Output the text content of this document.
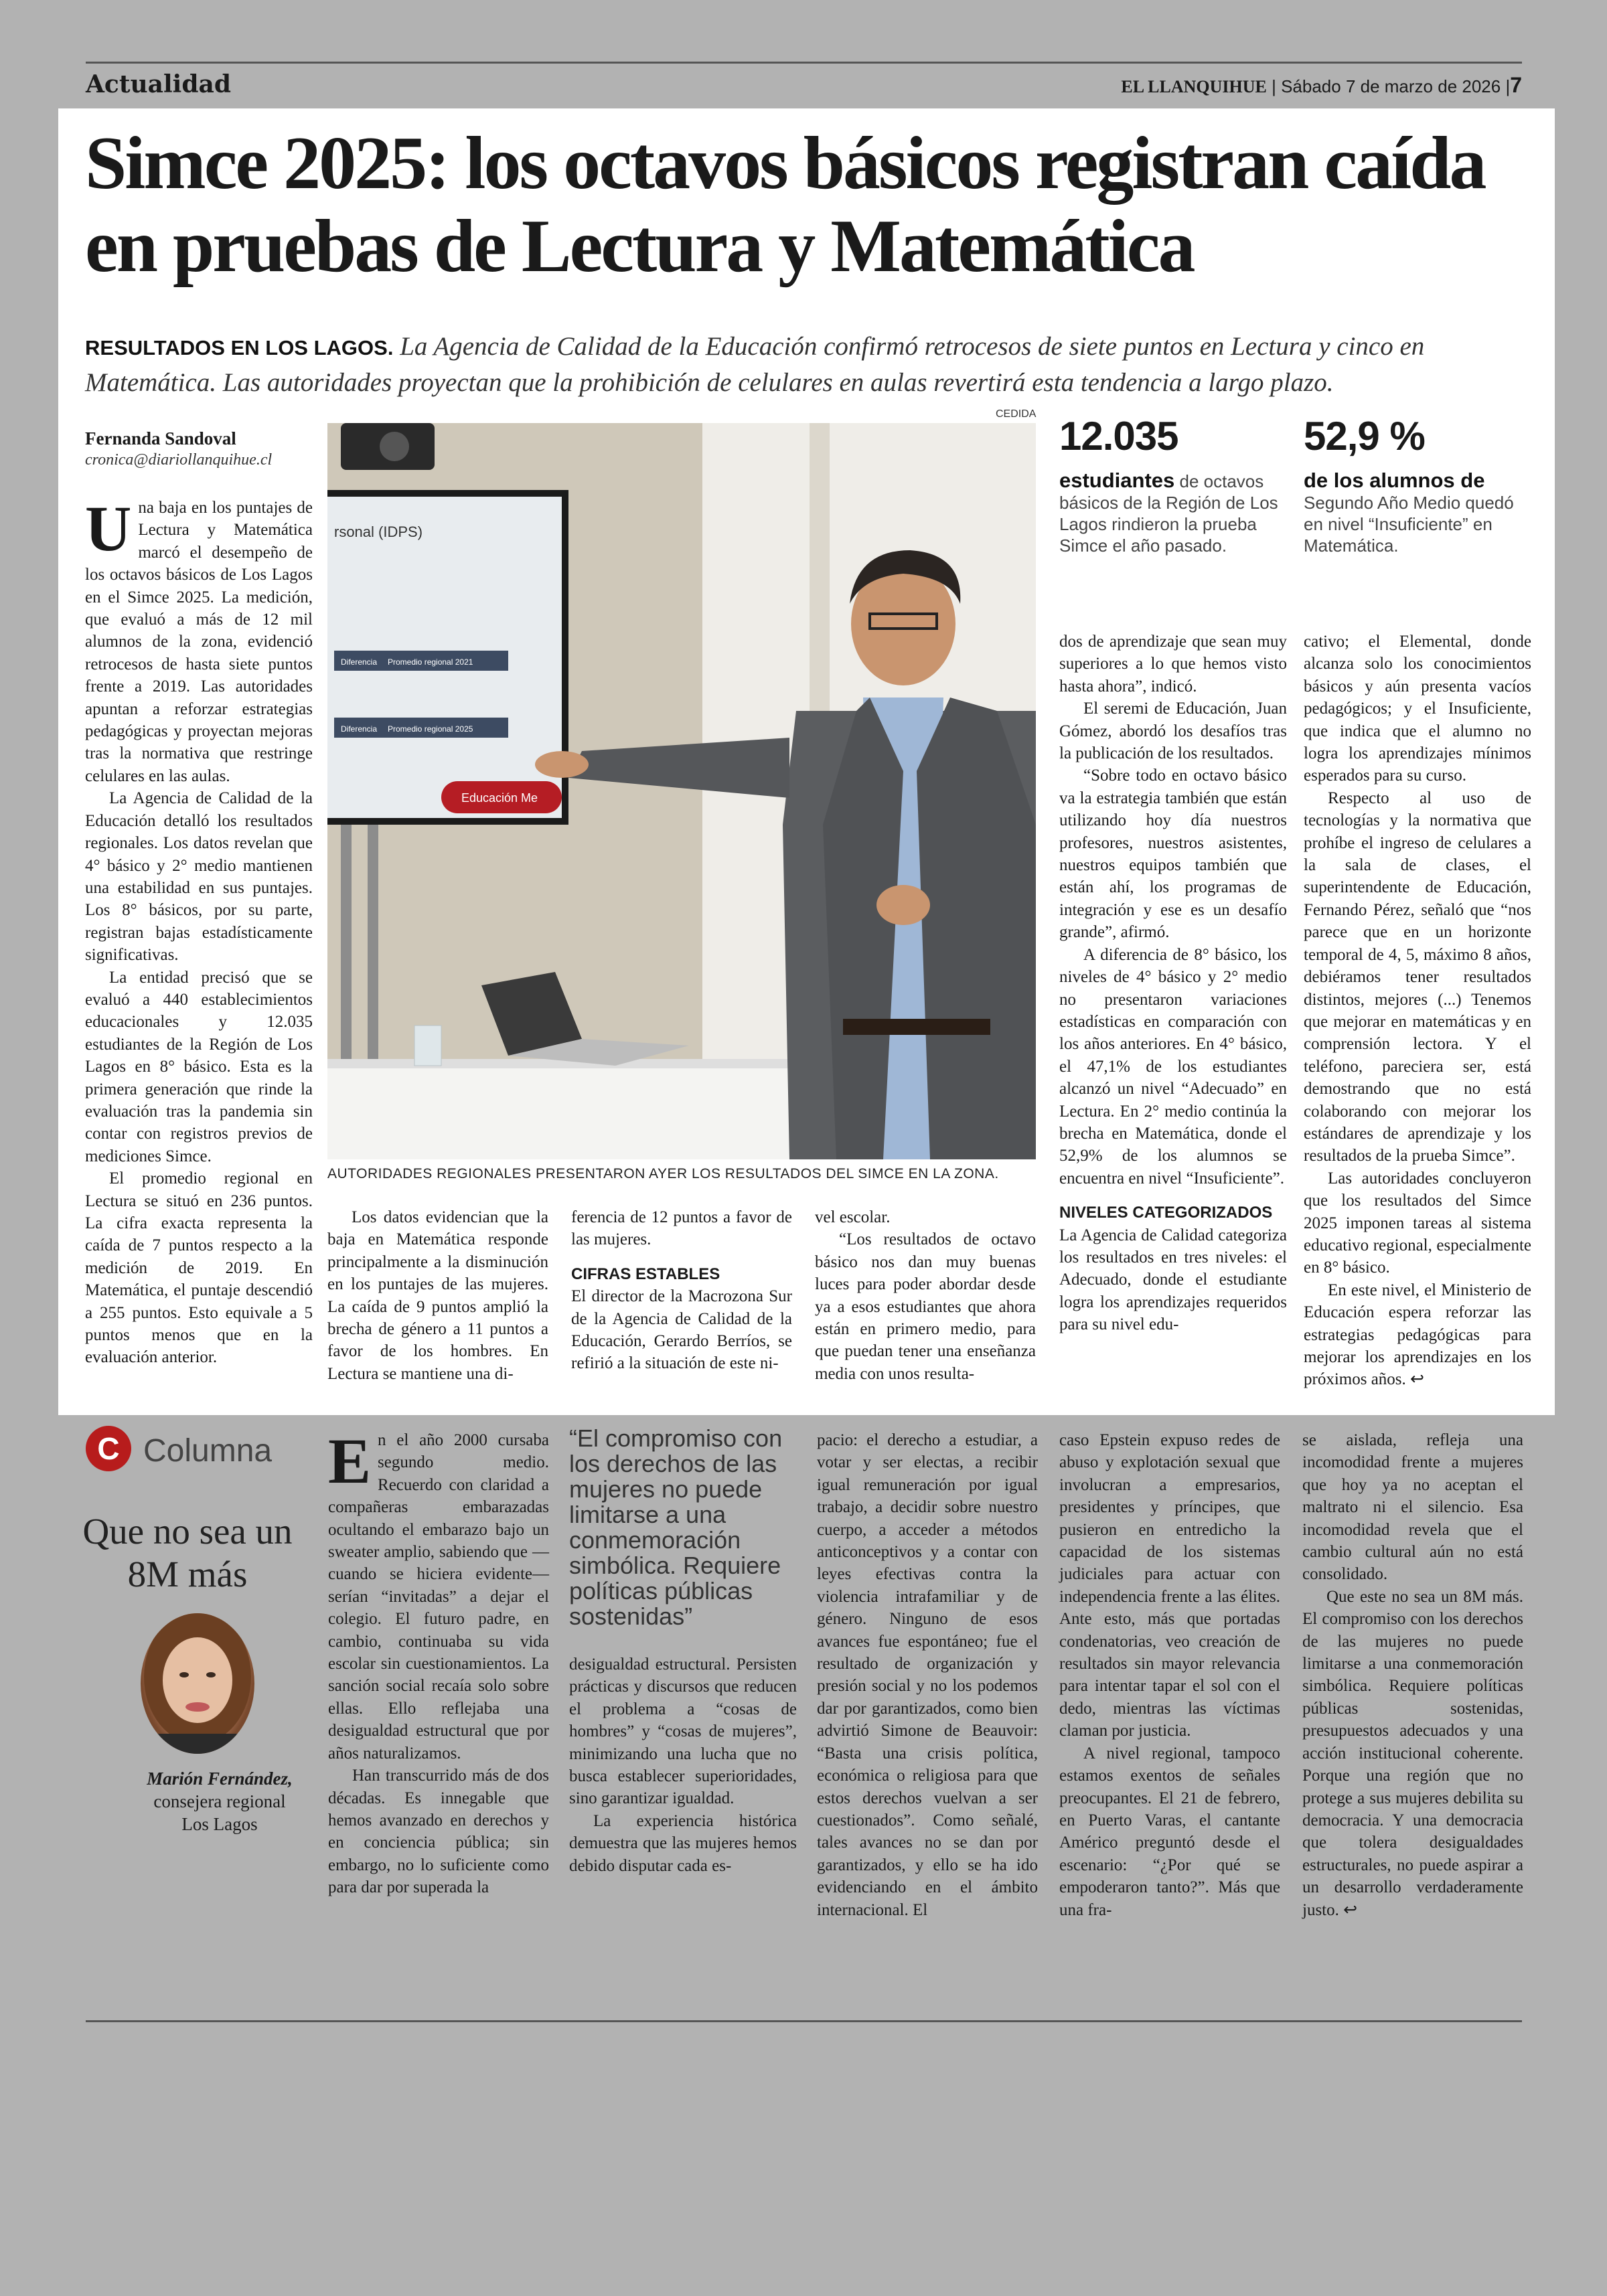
Actualidad	EL LLANQUIHUE | Sábado 7 de marzo de 2026 |7
Simce 2025: los octavos básicos registran caída en pruebas de Lectura y Matemática
RESULTADOS EN LOS LAGOS. La Agencia de Calidad de la Educación confirmó retrocesos de siete puntos en Lectura y cinco en Matemática. Las autoridades proyectan que la prohibición de celulares en aulas revertirá esta tendencia a largo plazo.
Fernanda Sandoval
cronica@diariollanquihue.cl

Una baja en los puntajes de Lectura y Matemática marcó el desempeño de los octavos básicos de Los Lagos en el Simce 2025. La medición, que evaluó a más de 12 mil alumnos de la zona, evidenció retrocesos de hasta siete puntos frente a 2019. Las autoridades apuntan a reforzar estrategias pedagógicas y proyectan mejoras tras la normativa que restringe celulares en las aulas.

La Agencia de Calidad de la Educación detalló los resultados regionales. Los datos revelan que 4° básico y 2° medio mantienen una estabilidad en sus puntajes. Los 8° básicos, por su parte, registran bajas estadísticamente significativas.

La entidad precisó que se evaluó a 440 establecimientos educacionales y 12.035 estudiantes de la Región de Los Lagos en 8° básico. Esta es la primera generación que rinde la evaluación tras la pandemia sin contar con registros previos de mediciones Simce.

El promedio regional en Lectura se situó en 236 puntos. La cifra exacta representa la caída de 7 puntos respecto a la medición de 2019. En Matemática, el puntaje descendió a 255 puntos. Esto equivale a 5 puntos menos que en la evaluación anterior.

CEDIDA
rsonal (IDPS)
Diferencia Promedio regional 2021
Diferencia Promedio regional 2025
Educación Me
AUTORIDADES REGIONALES PRESENTARON AYER LOS RESULTADOS DEL SIMCE EN LA ZONA.

Los datos evidencian que la baja en Matemática responde principalmente a la disminución en los puntajes de las mujeres. La caída de 9 puntos amplió la brecha de género a 11 puntos a favor de los hombres. En Lectura se mantiene una di-

ferencia de 12 puntos a favor de las mujeres.

CIFRAS ESTABLES

El director de la Macrozona Sur de la Agencia de Calidad de la Educación, Gerardo Berríos, se refirió a la situación de este ni-

vel escolar.

“Los resultados de octavo básico nos dan muy buenas luces para poder abordar desde ya a esos estudiantes que ahora están en primero medio, para que puedan tener una enseñanza media con unos resulta-

12.035
estudiantes de octavos básicos de la Región de Los Lagos rindieron la prueba Simce el año pasado.
52,9 %
de los alumnos de
Segundo Año Medio quedó en nivel “Insuficiente” en Matemática.

dos de aprendizaje que sean muy superiores a lo que hemos visto hasta ahora”, indicó.

El seremi de Educación, Juan Gómez, abordó los desafíos tras la publicación de los resultados.

“Sobre todo en octavo básico va la estrategia también que están utilizando hoy día nuestros profesores, nuestros asistentes, nuestros equipos también que están ahí, los programas de integración y ese es un desafío grande”, afirmó.

A diferencia de 8° básico, los niveles de 4° básico y 2° medio no presentaron variaciones estadísticas en comparación con los años anteriores. En 4° básico, el 47,1% de los estudiantes alcanzó un nivel “Adecuado” en Lectura. En 2° medio continúa la brecha en Matemática, donde el 52,9% de los alumnos se encuentra en nivel “Insuficiente”.

NIVELES CATEGORIZADOS

La Agencia de Calidad categoriza los resultados en tres niveles: el Adecuado, donde el estudiante logra los aprendizajes requeridos para su nivel edu-

cativo; el Elemental, donde alcanza solo los conocimientos básicos y aún presenta vacíos pedagógicos; y el Insuficiente, que indica que el alumno no logra los aprendizajes mínimos esperados para su curso.

Respecto al uso de tecnologías y la normativa que prohíbe el ingreso de celulares a la sala de clases, el superintendente de Educación, Fernando Pérez, señaló que “nos parece que en un horizonte temporal de 4, 5, máximo 8 años, debiéramos tener resultados distintos, mejores (...) Tenemos que mejorar en matemáticas y en comprensión lectora. Y el teléfono, pareciera ser, está demostrando que no está colaborando con mejorar los estándares de aprendizaje y los resultados de la prueba Simce”.

Las autoridades concluyeron que los resultados del Simce 2025 imponen tareas al sistema educativo regional, especialmente en 8° básico.

En este nivel, el Ministerio de Educación espera reforzar las estrategias pedagógicas para mejorar los aprendizajes en los próximos años. ↩

C Columna
Que no sea un 8M más
Marión Fernández,
consejera regional
Los Lagos

En el año 2000 cursaba segundo medio. Recuerdo con claridad a compañeras embarazadas ocultando el embarazo bajo un sweater amplio, sabiendo que —cuando se hiciera evidente— serían “invitadas” a dejar el colegio. El futuro padre, en cambio, continuaba su vida escolar sin cuestionamientos. La sanción social recaía solo sobre ellas. Ello reflejaba una desigualdad estructural que por años naturalizamos.

Han transcurrido más de dos décadas. Es innegable que hemos avanzado en derechos y en conciencia pública; sin embargo, no lo suficiente como para dar por superada la

“El compromiso con los derechos de las mujeres no puede limitarse a una conmemoración simbólica. Requiere políticas públicas sostenidas”

desigualdad estructural. Persisten prácticas y discursos que reducen el problema a “cosas de hombres” y “cosas de mujeres”, minimizando una lucha que no busca establecer superioridades, sino garantizar igualdad.

La experiencia histórica demuestra que las mujeres hemos debido disputar cada es-

pacio: el derecho a estudiar, a votar y ser electas, a recibir igual remuneración por igual trabajo, a decidir sobre nuestro cuerpo, a acceder a métodos anticonceptivos y a contar con leyes efectivas contra la violencia intrafamiliar y de género. Ninguno de esos avances fue espontáneo; fue el resultado de organización y presión social y no los podemos dar por garantizados, como bien advirtió Simone de Beauvoir: “Basta una crisis política, económica o religiosa para que estos derechos vuelvan a ser cuestionados”. Como señalé, tales avances no se dan por garantizados, y ello se ha ido evidenciando en el ámbito internacional. El

caso Epstein expuso redes de abuso y explotación sexual que involucran a empresarios, presidentes y príncipes, que pusieron en entredicho la capacidad de los sistemas judiciales para actuar con independencia frente a las élites. Ante esto, más que portadas condenatorias, veo creación de resultados sin mayor relevancia para intentar tapar el sol con el dedo, mientras las víctimas claman por justicia.

A nivel regional, tampoco estamos exentos de señales preocupantes. El 21 de febrero, en Puerto Varas, el cantante Américo preguntó desde el escenario: “¿Por qué se empoderaron tanto?”. Más que una fra-

se aislada, refleja una incomodidad frente a mujeres que hoy ya no aceptan el maltrato ni el silencio. Esa incomodidad revela que el cambio cultural aún no está consolidado.

Que este no sea un 8M más. El compromiso con los derechos de las mujeres no puede limitarse a una conmemoración simbólica. Requiere políticas públicas sostenidas, presupuestos adecuados y una acción institucional coherente. Porque una región que no protege a sus mujeres debilita su democracia. Y una democracia que tolera desigualdades estructurales, no puede aspirar a un desarrollo verdaderamente justo. ↩
